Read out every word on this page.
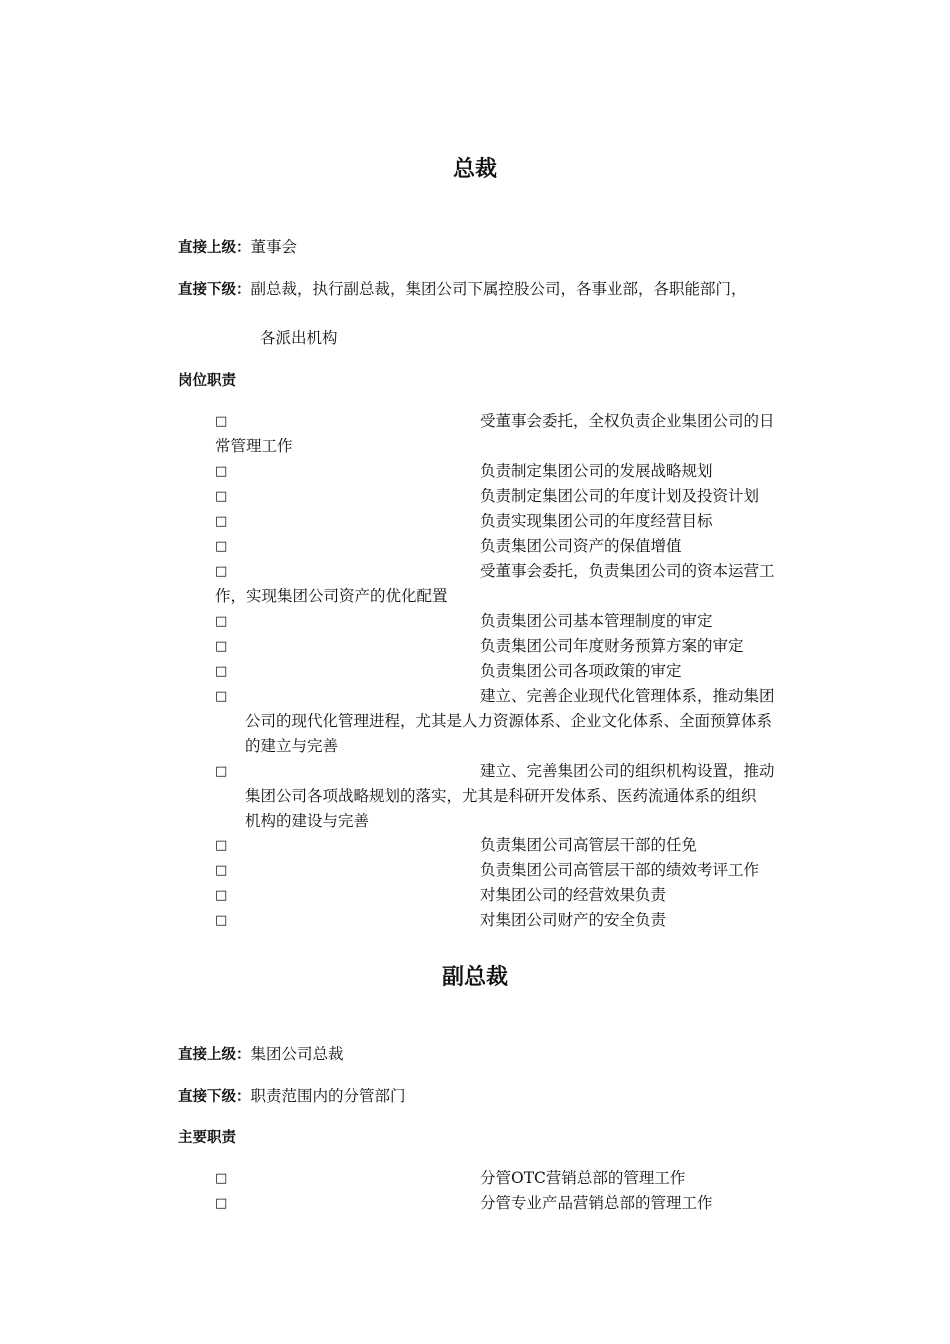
总裁

直接上级：董事会

直接下级：副总裁，执行副总裁，集团公司下属控股公司，各事业部，各职能部门，

各派出机构

岗位职责

□	受董事会委托，全权负责企业集团公司的日
常管理工作
□	负责制定集团公司的发展战略规划
□	负责制定集团公司的年度计划及投资计划
□	负责实现集团公司的年度经营目标
□	负责集团公司资产的保值增值
□	受董事会委托，负责集团公司的资本运营工
作，实现集团公司资产的优化配置
□	负责集团公司基本管理制度的审定
□	负责集团公司年度财务预算方案的审定
□	负责集团公司各项政策的审定
□	建立、完善企业现代化管理体系，推动集团
公司的现代化管理进程，尤其是人力资源体系、企业文化体系、全面预算体系
的建立与完善
□	建立、完善集团公司的组织机构设置，推动
集团公司各项战略规划的落实，尤其是科研开发体系、医药流通体系的组织
机构的建设与完善
□	负责集团公司高管层干部的任免
□	负责集团公司高管层干部的绩效考评工作
□	对集团公司的经营效果负责
□	对集团公司财产的安全负责
副总裁

直接上级：集团公司总裁

直接下级：职责范围内的分管部门

主要职责

□	分管OTC营销总部的管理工作
□	分管专业产品营销总部的管理工作
